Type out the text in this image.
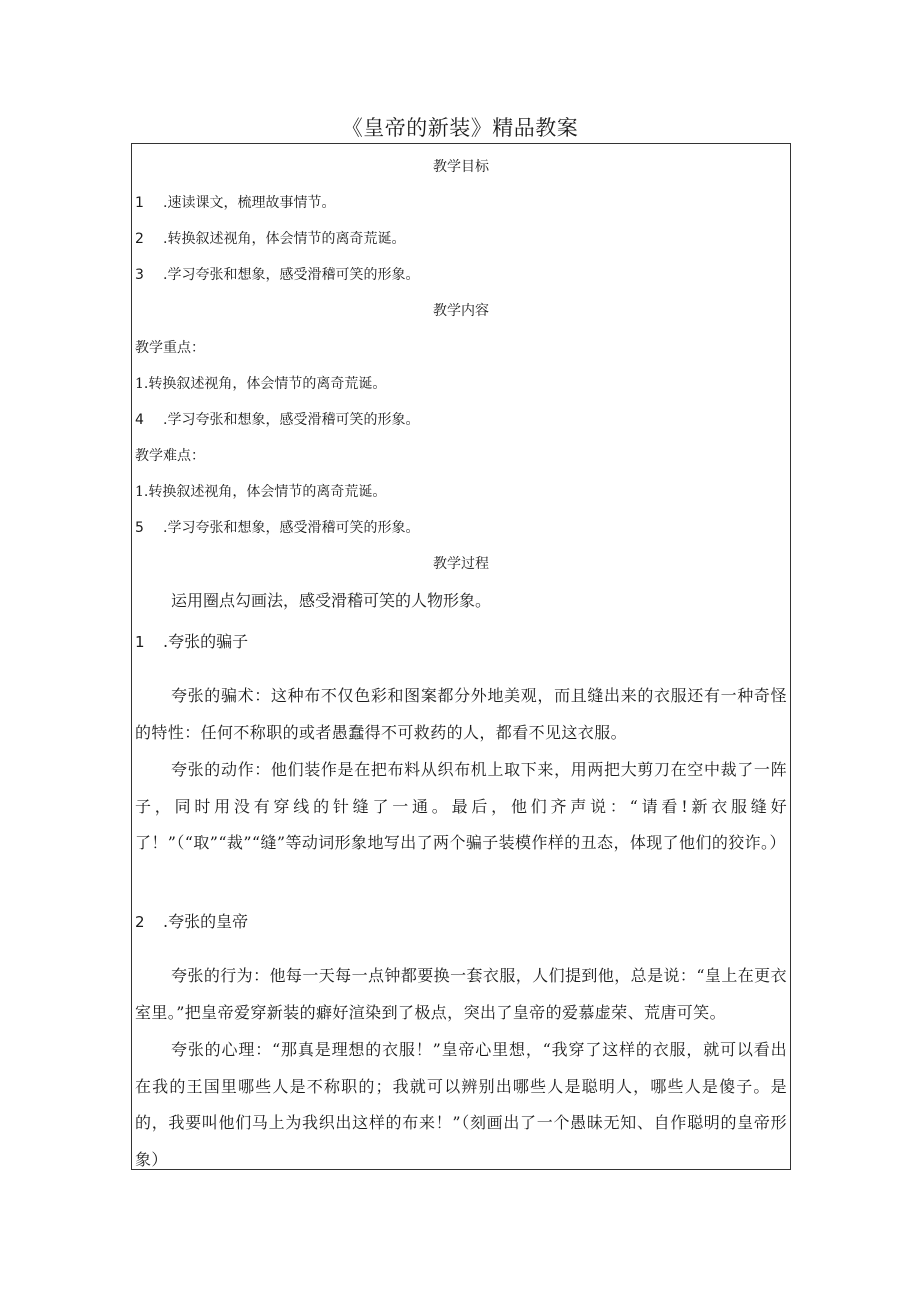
《皇帝的新装》精品教案
教学目标
1 .速读课文，梳理故事情节。
2 .转换叙述视角，体会情节的离奇荒诞。
3 .学习夸张和想象，感受滑稽可笑的形象。
教学内容
教学重点：
1.转换叙述视角，体会情节的离奇荒诞。
4 .学习夸张和想象，感受滑稽可笑的形象。
教学难点：
1.转换叙述视角，体会情节的离奇荒诞。
5 .学习夸张和想象，感受滑稽可笑的形象。
教学过程
运用圈点勾画法，感受滑稽可笑的人物形象。
1 .夸张的骗子

夸张的骗术：这种布不仅色彩和图案都分外地美观，而且缝出来的衣服还有一种奇怪的特性：任何不称职的或者愚蠢得不可救药的人，都看不见这衣服。

夸张的动作：他们装作是在把布料从织布机上取下来，用两把大剪刀在空中裁了一阵子，同时用没有穿线的针缝了一通。最后，他们齐声说：“请看!新衣服缝好了！”（“取”“裁”“缝”等动词形象地写出了两个骗子装模作样的丑态，体现了他们的狡诈。）

2 .夸张的皇帝

夸张的行为：他每一天每一点钟都要换一套衣服，人们提到他，总是说：“皇上在更衣室里。”把皇帝爱穿新装的癖好渲染到了极点，突出了皇帝的爱慕虚荣、荒唐可笑。

夸张的心理：“那真是理想的衣服！”皇帝心里想，“我穿了这样的衣服，就可以看出在我的王国里哪些人是不称职的；我就可以辨别出哪些人是聪明人，哪些人是傻子。是的，我要叫他们马上为我织出这样的布来！”（刻画出了一个愚昧无知、自作聪明的皇帝形象）
